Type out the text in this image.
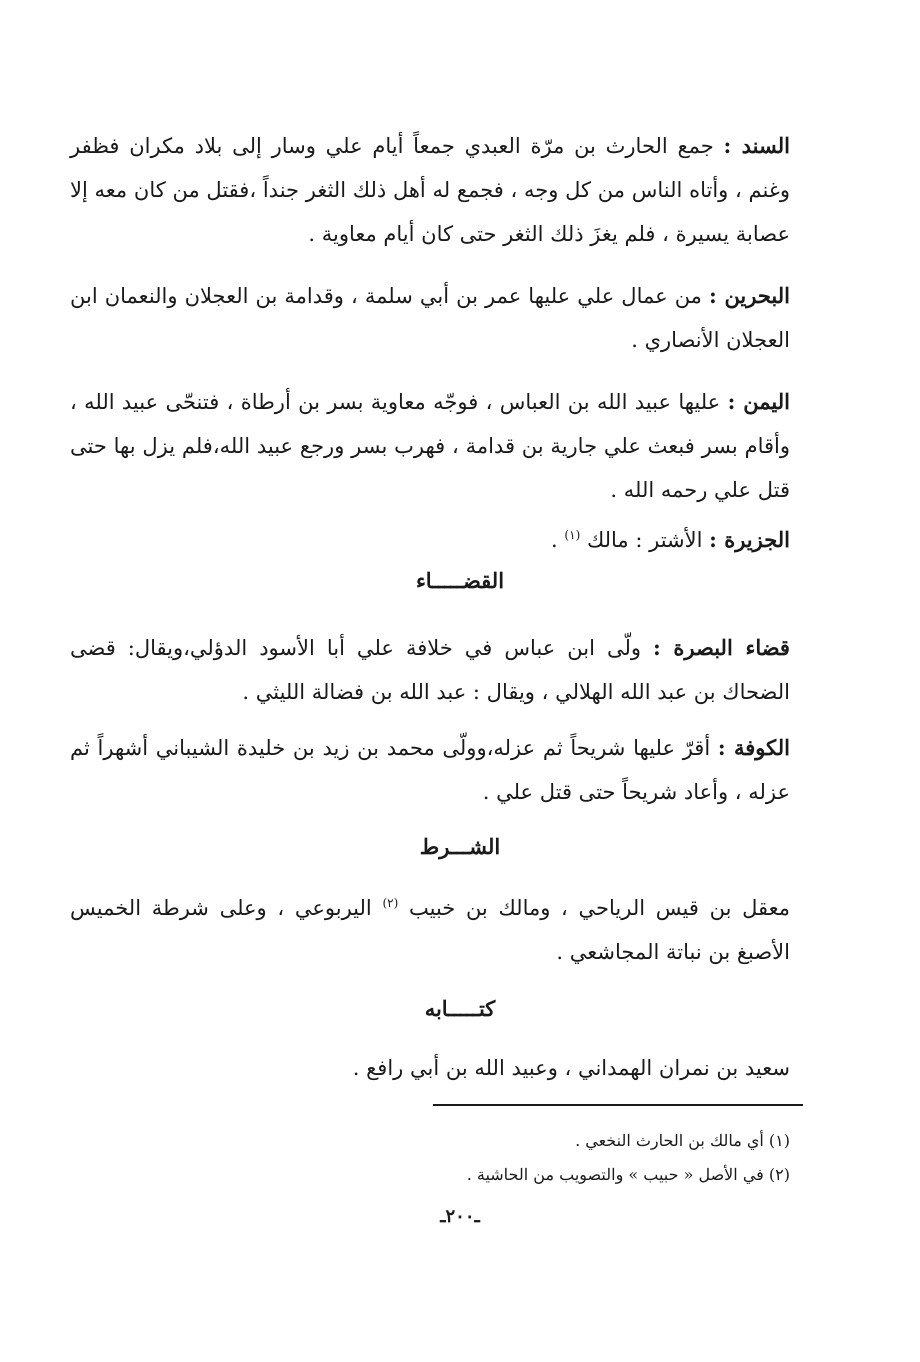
السند : جمع الحارث بن مرّة العبدي جمعاً أيام علي وسار إلى بلاد مكران فظفر وغنم ، وأتاه الناس من كل وجه ، فجمع له أهل ذلك الثغر جنداً ،فقتل من كان معه إلا عصابة يسيرة ، فلم يغزَ ذلك الثغر حتى كان أيام معاوية .

البحرين : من عمال علي عليها عمر بن أبي سلمة ، وقدامة بن العجلان والنعمان ابن العجلان الأنصاري .

اليمن : عليها عبيد الله بن العباس ، فوجّه معاوية بسر بن أرطاة ، فتنحّى عبيد الله ، وأقام بسر فبعث علي جارية بن قدامة ، فهرب بسر ورجع عبيد الله،فلم يزل بها حتى قتل علي رحمه الله .

الجزيرة : الأشتر : مالك $^{(١)}$ .

القضـــــاء

قضاء البصرة : ولّى ابن عباس في خلافة علي أبا الأسود الدؤلي،ويقال: قضى الضحاك بن عبد الله الهلالي ، ويقال : عبد الله بن فضالة الليثي .

الكوفة : أقرّ عليها شريحاً ثم عزله،وولّى محمد بن زيد بن خليدة الشيباني أشهراً ثم عزله ، وأعاد شريحاً حتى قتل علي .

الشـــرط

معقل بن قيس الرياحي ، ومالك بن خبيب $^{(٢)}$ اليربوعي ، وعلى شرطة الخميس الأصبغ بن نباتة المجاشعي .

كتـــــابه

سعيد بن نمران الهمداني ، وعبيد الله بن أبي رافع .

(١) أي مالك بن الحارث النخعي .
(٢) في الأصل « حبيب » والتصويب من الحاشية .
ـ٢٠٠ـ
